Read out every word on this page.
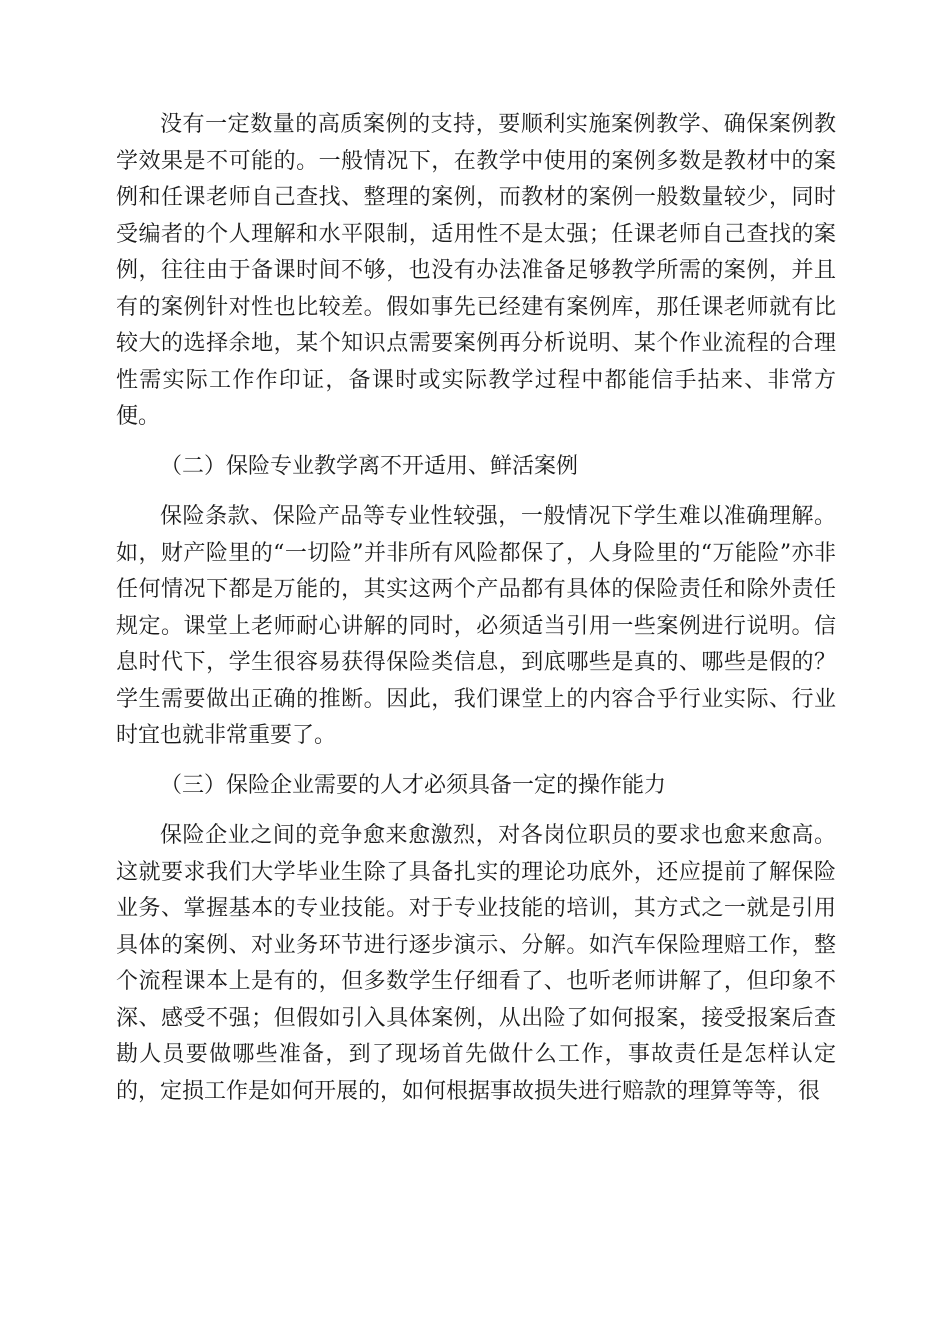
没有一定数量的高质案例的支持，要顺利实施案例教学、确保案例教学效果是不可能的。一般情况下，在教学中使用的案例多数是教材中的案例和任课老师自己查找、整理的案例，而教材的案例一般数量较少，同时受编者的个人理解和水平限制，适用性不是太强；任课老师自己查找的案例，往往由于备课时间不够，也没有办法准备足够教学所需的案例，并且有的案例针对性也比较差。假如事先已经建有案例库，那任课老师就有比较大的选择余地，某个知识点需要案例再分析说明、某个作业流程的合理性需实际工作作印证，备课时或实际教学过程中都能信手拈来、非常方便。

（二）保险专业教学离不开适用、鲜活案例

保险条款、保险产品等专业性较强，一般情况下学生难以准确理解。如，财产险里的“一切险”并非所有风险都保了，人身险里的“万能险”亦非任何情况下都是万能的，其实这两个产品都有具体的保险责任和除外责任规定。课堂上老师耐心讲解的同时，必须适当引用一些案例进行说明。信息时代下，学生很容易获得保险类信息，到底哪些是真的、哪些是假的？学生需要做出正确的推断。因此，我们课堂上的内容合乎行业实际、行业时宜也就非常重要了。

（三）保险企业需要的人才必须具备一定的操作能力

保险企业之间的竞争愈来愈激烈，对各岗位职员的要求也愈来愈高。这就要求我们大学毕业生除了具备扎实的理论功底外，还应提前了解保险业务、掌握基本的专业技能。对于专业技能的培训，其方式之一就是引用具体的案例、对业务环节进行逐步演示、分解。如汽车保险理赔工作，整个流程课本上是有的，但多数学生仔细看了、也听老师讲解了，但印象不深、感受不强；但假如引入具体案例，从出险了如何报案，接受报案后查勘人员要做哪些准备，到了现场首先做什么工作，事故责任是怎样认定的，定损工作是如何开展的，如何根据事故损失进行赔款的理算等等，很
